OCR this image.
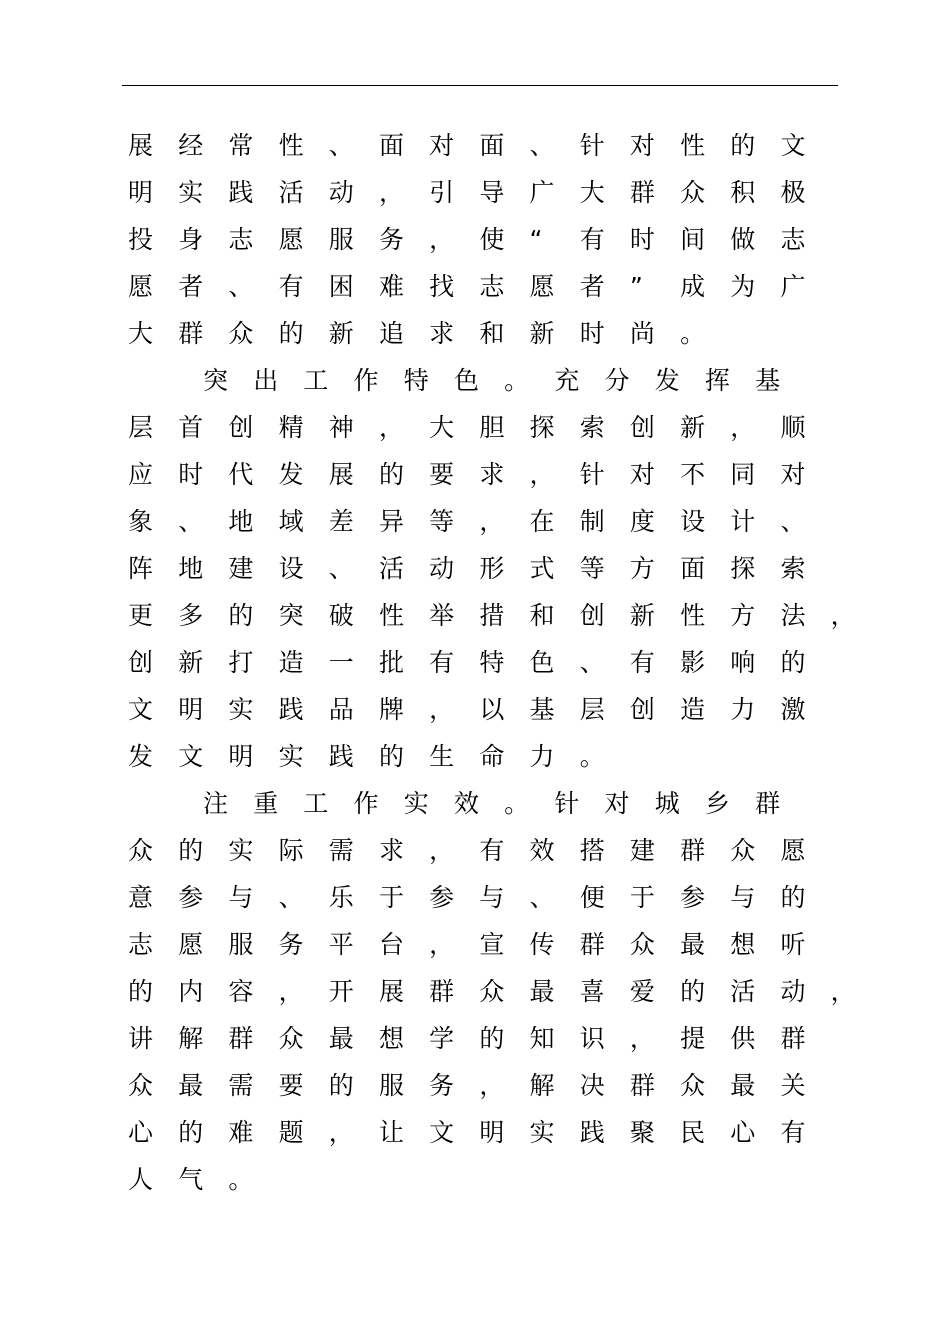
展 经 常 性 、 面 对 面 、 针 对 性 的 文
明 实 践 活 动 ， 引 导 广 大 群 众 积 极
投 身 志 愿 服 务 ， 使 “ 有 时 间 做 志
愿 者 、 有 困 难 找 志 愿 者 ” 成 为 广
大 群 众 的 新 追 求 和 新 时 尚 。
突 出 工 作 特 色 。 充 分 发 挥 基
层 首 创 精 神 ， 大 胆 探 索 创 新 ， 顺
应 时 代 发 展 的 要 求 ， 针 对 不 同 对
象 、 地 域 差 异 等 ， 在 制 度 设 计 、
阵 地 建 设 、 活 动 形 式 等 方 面 探 索
更 多 的 突 破 性 举 措 和 创 新 性 方 法 ，
创 新 打 造 一 批 有 特 色 、 有 影 响 的
文 明 实 践 品 牌 ， 以 基 层 创 造 力 激
发 文 明 实 践 的 生 命 力 。
注 重 工 作 实 效 。 针 对 城 乡 群
众 的 实 际 需 求 ， 有 效 搭 建 群 众 愿
意 参 与 、 乐 于 参 与 、 便 于 参 与 的
志 愿 服 务 平 台 ， 宣 传 群 众 最 想 听
的 内 容 ， 开 展 群 众 最 喜 爱 的 活 动 ，
讲 解 群 众 最 想 学 的 知 识 ， 提 供 群
众 最 需 要 的 服 务 ， 解 决 群 众 最 关
心 的 难 题 ， 让 文 明 实 践 聚 民 心 有
人 气 。
